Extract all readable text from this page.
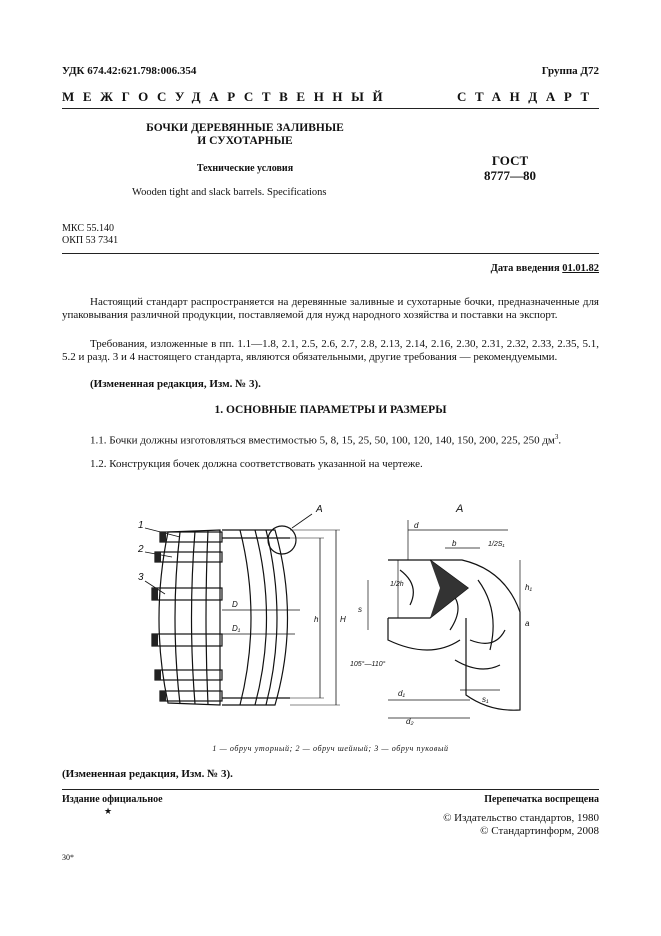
УДК 674.42:621.798:006.354	Группа Д72
МЕЖГОСУДАРСТВЕННЫЙ	СТАНДАРТ
БОЧКИ ДЕРЕВЯННЫЕ ЗАЛИВНЫЕ
И СУХОТАРНЫЕ
Технические условия
Wooden tight and slack barrels. Specifications
ГОСТ
8777—80
МКС 55.140
ОКП 53 7341
Дата введения 01.01.82
Настоящий стандарт распространяется на деревянные заливные и сухотарные бочки, предназначенные для упаковывания различной продукции, поставляемой для нужд народного хозяйства и поставки на экспорт.
Требования, изложенные в пп. 1.1—1.8, 2.1, 2.5, 2.6, 2.7, 2.8, 2.13, 2.14, 2.16, 2.30, 2.31, 2.32, 2.33, 2.35, 5.1, 5.2 и разд. 3 и 4 настоящего стандарта, являются обязательными, другие требования — рекомендуемыми.
(Измененная редакция, Изм. № 3).
1. ОСНОВНЫЕ ПАРАМЕТРЫ И РАЗМЕРЫ
1.1. Бочки должны изготовляться вместимостью 5, 8, 15, 25, 50, 100, 120, 140, 150, 200, 225, 250 $дм^3$.
1.2. Конструкция бочек должна соответствовать указанной на чертеже.
1
2
3
A	A
D
D₁
h	H
d
b	1/2S₁
1/2h
s
h₁
a
105°—110°
d₁
d₂
s₁
1 — обруч уторный; 2 — обруч шейный; 3 — обруч пуковый
(Измененная редакция, Изм. № 3).
Издание официальное
★
Перепечатка воспрещена
© Издательство стандартов, 1980
© Стандартинформ, 2008
30*
